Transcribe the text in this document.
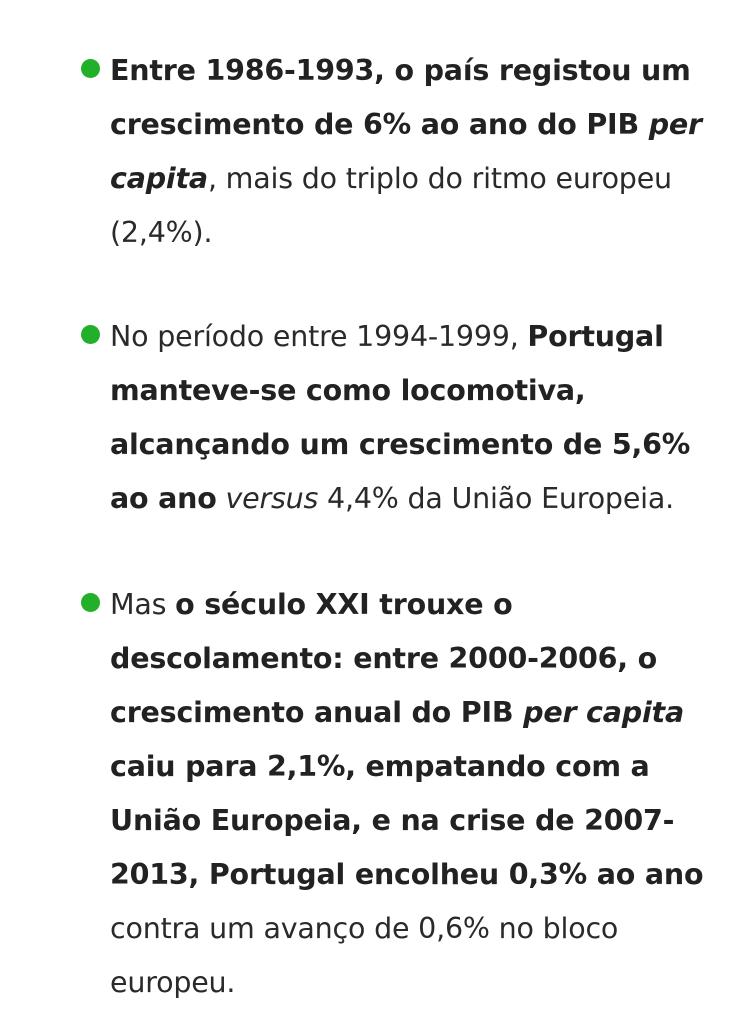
Entre 1986-1993, o país registou um crescimento de 6% ao ano do PIB per capita, mais do triplo do ritmo europeu (2,4%).

No período entre 1994-1999, Portugal manteve-se como locomotiva, alcançando um crescimento de 5,6% ao ano versus 4,4% da União Europeia.

Mas o século XXI trouxe o descolamento: entre 2000-2006, o crescimento anual do PIB per capita caiu para 2,1%, empatando com a União Europeia, e na crise de 2007-2013, Portugal encolheu 0,3% ao ano contra um avanço de 0,6% no bloco europeu.
